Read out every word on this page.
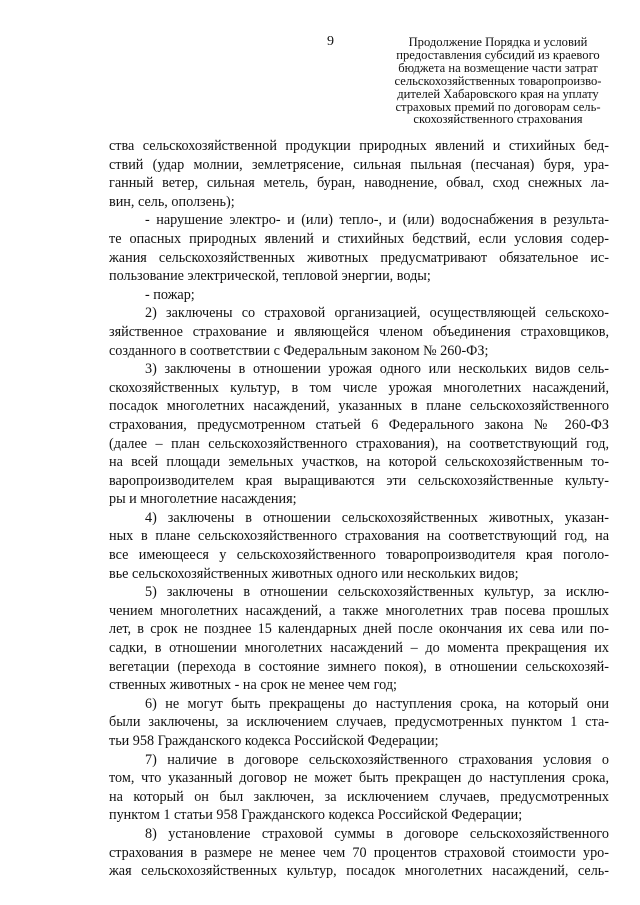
9	Продолжение Порядка и условий
предоставления субсидий из краевого
бюджета на возмещение части затрат
сельскохозяйственных товаропроизво-
дителей Хабаровского края на уплату
страховых премий по договорам сель-
скохозяйственного страхования
ства сельскохозяйственной продукции природных явлений и стихийных бед-
ствий (удар молнии, землетрясение, сильная пыльная (песчаная) буря, ура-
ганный ветер, сильная метель, буран, наводнение, обвал, сход снежных ла-
вин, сель, оползень);
- нарушение электро- и (или) тепло-, и (или) водоснабжения в результа-
те опасных природных явлений и стихийных бедствий, если условия содер-
жания сельскохозяйственных животных предусматривают обязательное ис-
пользование электрической, тепловой энергии, воды;
- пожар;
2) заключены со страховой организацией, осуществляющей сельскохо-
зяйственное страхование и являющейся членом объединения страховщиков,
созданного в соответствии с Федеральным законом № 260-ФЗ;
3) заключены в отношении урожая одного или нескольких видов сель-
скохозяйственных культур, в том числе урожая многолетних насаждений,
посадок многолетних насаждений, указанных в плане сельскохозяйственного
страхования, предусмотренном статьей 6 Федерального закона № 260-ФЗ
(далее – план сельскохозяйственного страхования), на соответствующий год,
на всей площади земельных участков, на которой сельскохозяйственным то-
варопроизводителем края выращиваются эти сельскохозяйственные культу-
ры и многолетние насаждения;
4) заключены в отношении сельскохозяйственных животных, указан-
ных в плане сельскохозяйственного страхования на соответствующий год, на
все имеющееся у сельскохозяйственного товаропроизводителя края поголо-
вье сельскохозяйственных животных одного или нескольких видов;
5) заключены в отношении сельскохозяйственных культур, за исклю-
чением многолетних насаждений, а также многолетних трав посева прошлых
лет, в срок не позднее 15 календарных дней после окончания их сева или по-
садки, в отношении многолетних насаждений – до момента прекращения их
вегетации (перехода в состояние зимнего покоя), в отношении сельскохозяй-
ственных животных - на срок не менее чем год;
6) не могут быть прекращены до наступления срока, на который они
были заключены, за исключением случаев, предусмотренных пунктом 1 ста-
тьи 958 Гражданского кодекса Российской Федерации;
7) наличие в договоре сельскохозяйственного страхования условия о
том, что указанный договор не может быть прекращен до наступления срока,
на который он был заключен, за исключением случаев, предусмотренных
пунктом 1 статьи 958 Гражданского кодекса Российской Федерации;
8) установление страховой суммы в договоре сельскохозяйственного
страхования в размере не менее чем 70 процентов страховой стоимости уро-
жая сельскохозяйственных культур, посадок многолетних насаждений, сель-
